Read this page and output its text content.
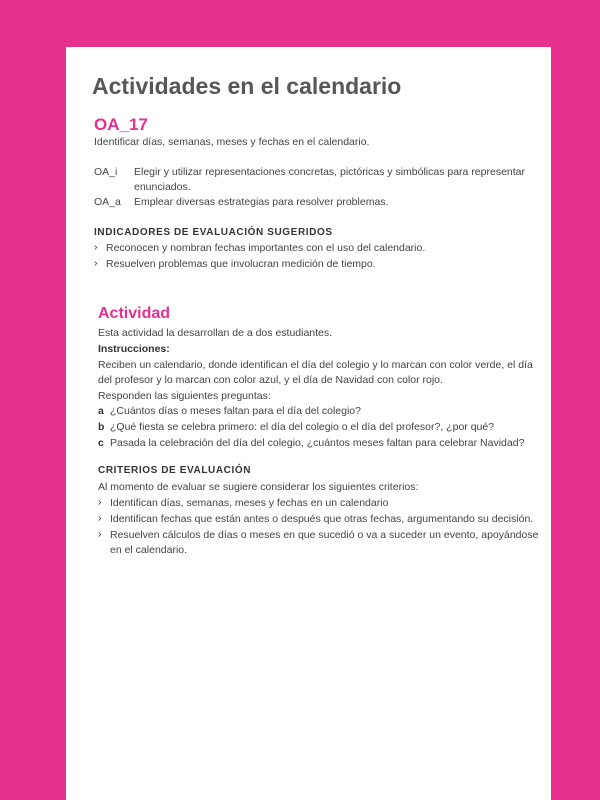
Actividades en el calendario
OA_17
Identificar días, semanas, meses y fechas en el calendario.
OA_i Elegir y utilizar representaciones concretas, pictóricas y simbólicas para representar
enunciados.
OA_a Emplear diversas estrategias para resolver problemas.
INDICADORES DE EVALUACIÓN SUGERIDOS
› Reconocen y nombran fechas importantes con el uso del calendario.
› Resuelven problemas que involucran medición de tiempo.
Actividad
Esta actividad la desarrollan de a dos estudiantes.
Instrucciones:
Reciben un calendario, donde identifican el día del colegio y lo marcan con color verde, el día
del profesor y lo marcan con color azul, y el día de Navidad con color rojo.
Responden las siguientes preguntas:
a ¿Cuántos días o meses faltan para el día del colegio?
b ¿Qué fiesta se celebra primero: el día del colegio o el día del profesor?, ¿por qué?
c Pasada la celebración del día del colegio, ¿cuántos meses faltan para celebrar Navidad?
CRITERIOS DE EVALUACIÓN
Al momento de evaluar se sugiere considerar los siguientes criterios:
› Identifican días, semanas, meses y fechas en un calendario
› Identifican fechas que están antes o después que otras fechas, argumentando su decisión.
› Resuelven cálculos de días o meses en que sucedió o va a suceder un evento, apoyándose
en el calendario.
